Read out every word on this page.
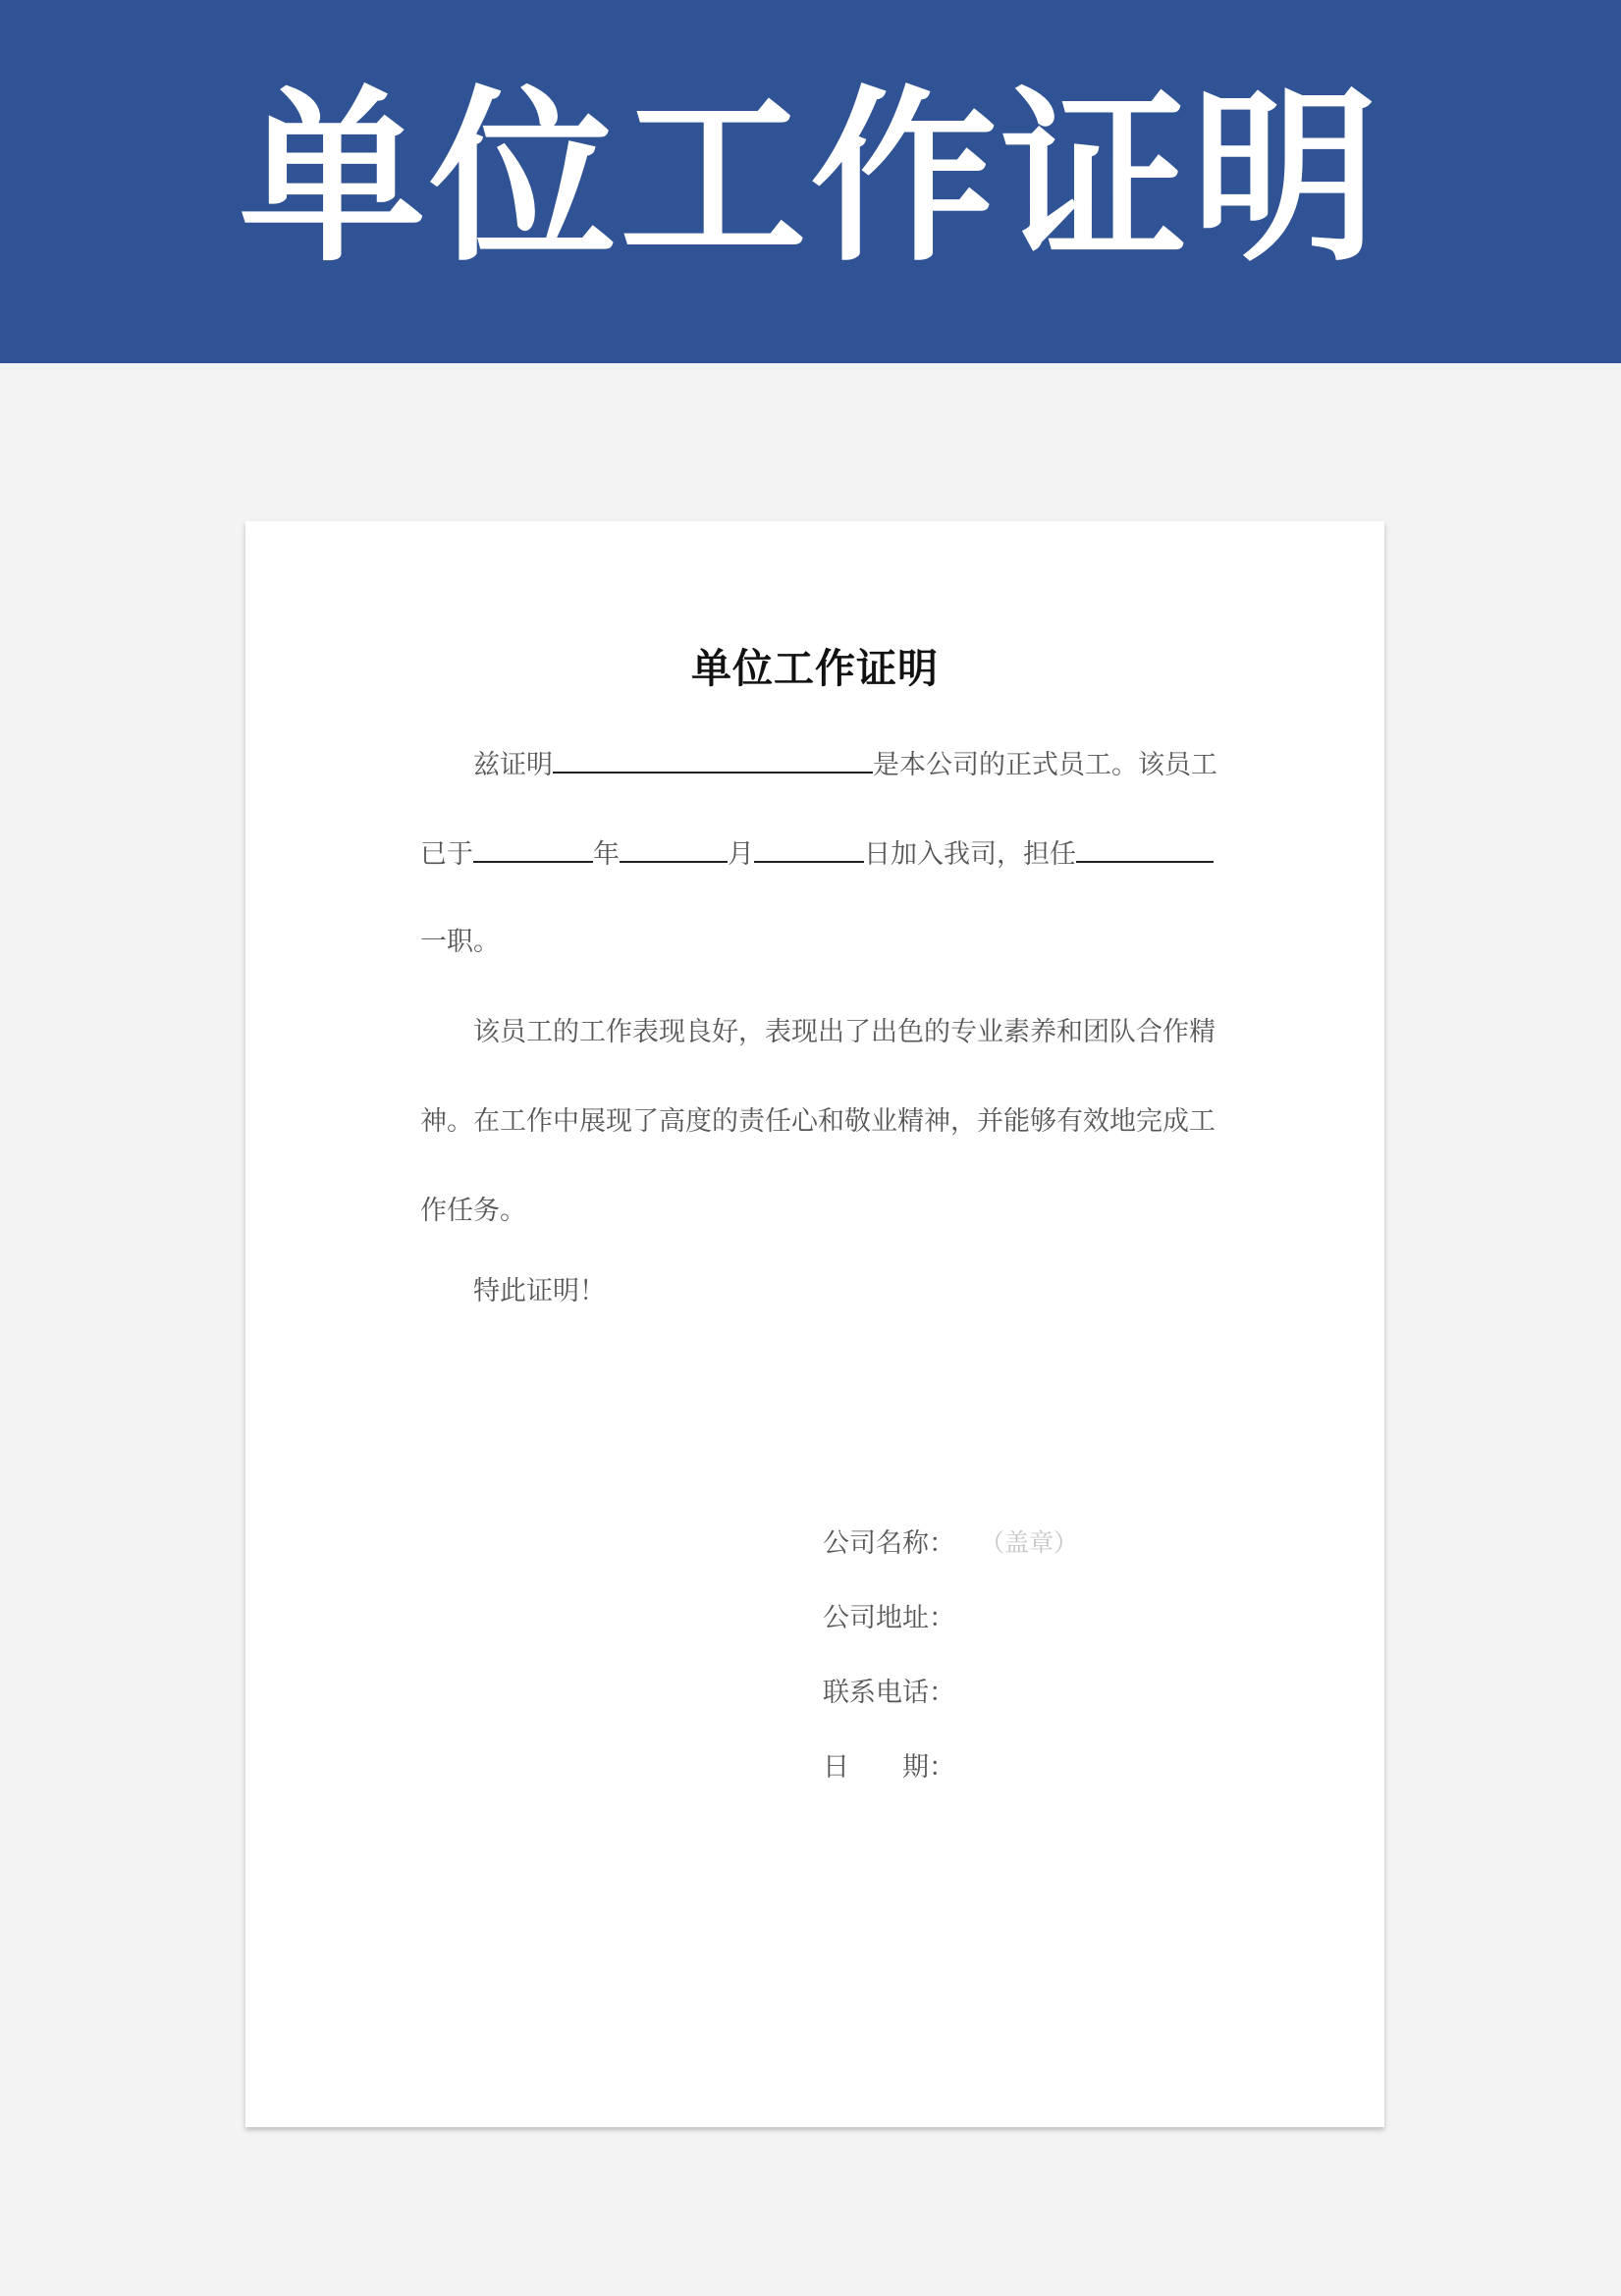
单位工作证明
单位工作证明
兹证明	是本公司的正式员工。该员工
已于	年	月	日加入我司，担任
一职。
该员工的工作表现良好，表现出了出色的专业素养和团队合作精
神。在工作中展现了高度的责任心和敬业精神，并能够有效地完成工
作任务。
特此证明！
公司名称： （盖章）
公司地址：
联系电话：
日　　期：
